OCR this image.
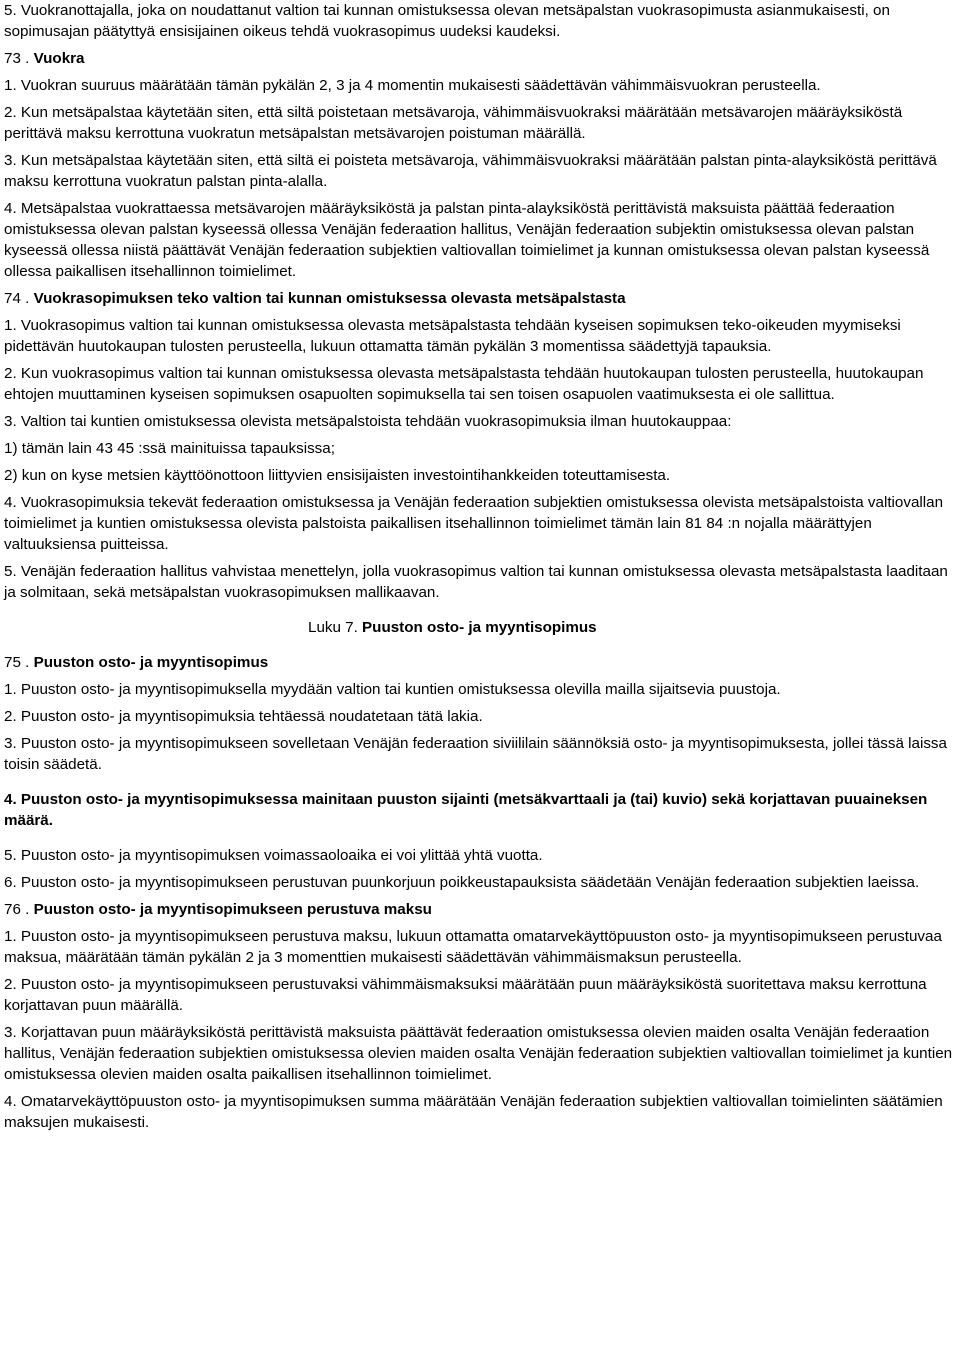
5. Vuokranottajalla, joka on noudattanut valtion tai kunnan omistuksessa olevan metsäpalstan vuokrasopimusta asianmukaisesti, on sopimusajan päätyttyä ensisijainen oikeus tehdä vuokrasopimus uudeksi kaudeksi.

73 . Vuokra

1. Vuokran suuruus määrätään tämän pykälän 2, 3 ja 4 momentin mukaisesti säädettävän vähimmäisvuokran perusteella.

2. Kun metsäpalstaa käytetään siten, että siltä poistetaan metsävaroja, vähimmäisvuokraksi määrätään metsävarojen määräyksiköstä perittävä maksu kerrottuna vuokratun metsäpalstan metsävarojen poistuman määrällä.

3. Kun metsäpalstaa käytetään siten, että siltä ei poisteta metsävaroja, vähimmäisvuokraksi määrätään palstan pinta-alayksiköstä perittävä maksu kerrottuna vuokratun palstan pinta-alalla.

4. Metsäpalstaa vuokrattaessa metsävarojen määräyksiköstä ja palstan pinta-alayksiköstä perittävistä maksuista päättää federaation omistuksessa olevan palstan kyseessä ollessa Venäjän federaation hallitus, Venäjän federaation subjektin omistuksessa olevan palstan kyseessä ollessa niistä päättävät Venäjän federaation subjektien valtiovallan toimielimet ja kunnan omistuksessa olevan palstan kyseessä ollessa paikallisen itsehallinnon toimielimet.

74 . Vuokrasopimuksen teko valtion tai kunnan omistuksessa olevasta metsäpalstasta

1. Vuokrasopimus valtion tai kunnan omistuksessa olevasta metsäpalstasta tehdään kyseisen sopimuksen teko-oikeuden myymiseksi pidettävän huutokaupan tulosten perusteella, lukuun ottamatta tämän pykälän 3 momentissa säädettyjä tapauksia.

2. Kun vuokrasopimus valtion tai kunnan omistuksessa olevasta metsäpalstasta tehdään huutokaupan tulosten perusteella, huutokaupan ehtojen muuttaminen kyseisen sopimuksen osapuolten sopimuksella tai sen toisen osapuolen vaatimuksesta ei ole sallittua.

3. Valtion tai kuntien omistuksessa olevista metsäpalstoista tehdään vuokrasopimuksia ilman huutokauppaa:

1) tämän lain 43 45 :ssä mainituissa tapauksissa;

2) kun on kyse metsien käyttöönottoon liittyvien ensisijaisten investointihankkeiden toteuttamisesta.

4. Vuokrasopimuksia tekevät federaation omistuksessa ja Venäjän federaation subjektien omistuksessa olevista metsäpalstoista valtiovallan toimielimet ja kuntien omistuksessa olevista palstoista paikallisen itsehallinnon toimielimet tämän lain 81 84 :n nojalla määrättyjen valtuuksiensa puitteissa.

5. Venäjän federaation hallitus vahvistaa menettelyn, jolla vuokrasopimus valtion tai kunnan omistuksessa olevasta metsäpalstasta laaditaan ja solmitaan, sekä metsäpalstan vuokrasopimuksen mallikaavan.

Luku 7. Puuston osto- ja myyntisopimus

75 . Puuston osto- ja myyntisopimus

1. Puuston osto- ja myyntisopimuksella myydään valtion tai kuntien omistuksessa olevilla mailla sijaitsevia puustoja.

2. Puuston osto- ja myyntisopimuksia tehtäessä noudatetaan tätä lakia.

3. Puuston osto- ja myyntisopimukseen sovelletaan Venäjän federaation siviililain säännöksiä osto- ja myyntisopimuksesta, jollei tässä laissa toisin säädetä.

4. Puuston osto- ja myyntisopimuksessa mainitaan puuston sijainti (metsäkvarttaali ja (tai) kuvio) sekä korjattavan puuaineksen määrä.

5. Puuston osto- ja myyntisopimuksen voimassaoloaika ei voi ylittää yhtä vuotta.

6. Puuston osto- ja myyntisopimukseen perustuvan puunkorjuun poikkeustapauksista säädetään Venäjän federaation subjektien laeissa.

76 . Puuston osto- ja myyntisopimukseen perustuva maksu

1. Puuston osto- ja myyntisopimukseen perustuva maksu, lukuun ottamatta omatarvekäyttöpuuston osto- ja myyntisopimukseen perustuvaa maksua, määrätään tämän pykälän 2 ja 3 momenttien mukaisesti säädettävän vähimmäismaksun perusteella.

2. Puuston osto- ja myyntisopimukseen perustuvaksi vähimmäismaksuksi määrätään puun määräyksiköstä suoritettava maksu kerrottuna korjattavan puun määrällä.

3. Korjattavan puun määräyksiköstä perittävistä maksuista päättävät federaation omistuksessa olevien maiden osalta Venäjän federaation hallitus, Venäjän federaation subjektien omistuksessa olevien maiden osalta Venäjän federaation subjektien valtiovallan toimielimet ja kuntien omistuksessa olevien maiden osalta paikallisen itsehallinnon toimielimet.

4. Omatarvekäyttöpuuston osto- ja myyntisopimuksen summa määrätään Venäjän federaation subjektien valtiovallan toimielinten säätämien maksujen mukaisesti.
